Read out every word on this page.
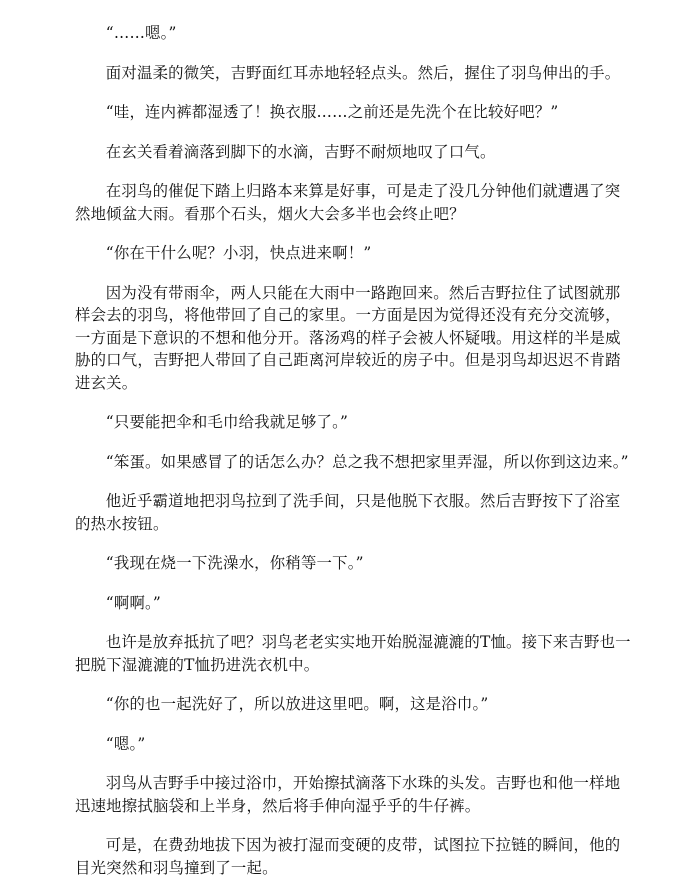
“……嗯。”

面对温柔的微笑，吉野面红耳赤地轻轻点头。然后，握住了羽鸟伸出的手。

“哇，连内裤都湿透了！换衣服……之前还是先洗个在比较好吧？”

在玄关看着滴落到脚下的水滴，吉野不耐烦地叹了口气。

在羽鸟的催促下踏上归路本来算是好事，可是走了没几分钟他们就遭遇了突然地倾盆大雨。看那个石头，烟火大会多半也会终止吧？

“你在干什么呢？小羽，快点进来啊！”

因为没有带雨伞，两人只能在大雨中一路跑回来。然后吉野拉住了试图就那样会去的羽鸟，将他带回了自己的家里。一方面是因为觉得还没有充分交流够，一方面是下意识的不想和他分开。落汤鸡的样子会被人怀疑哦。用这样的半是威胁的口气，吉野把人带回了自己距离河岸较近的房子中。但是羽鸟却迟迟不肯踏进玄关。

“只要能把伞和毛巾给我就足够了。”

“笨蛋。如果感冒了的话怎么办？总之我不想把家里弄湿，所以你到这边来。”

他近乎霸道地把羽鸟拉到了洗手间，只是他脱下衣服。然后吉野按下了浴室的热水按钮。

“我现在烧一下洗澡水，你稍等一下。”

“啊啊。”

也许是放弃抵抗了吧？羽鸟老老实实地开始脱湿漉漉的T恤。接下来吉野也一把脱下湿漉漉的T恤扔进洗衣机中。

“你的也一起洗好了，所以放进这里吧。啊，这是浴巾。”

“嗯。”

羽鸟从吉野手中接过浴巾，开始擦拭滴落下水珠的头发。吉野也和他一样地迅速地擦拭脑袋和上半身，然后将手伸向湿乎乎的牛仔裤。

可是，在费劲地拔下因为被打湿而变硬的皮带，试图拉下拉链的瞬间，他的目光突然和羽鸟撞到了一起。
